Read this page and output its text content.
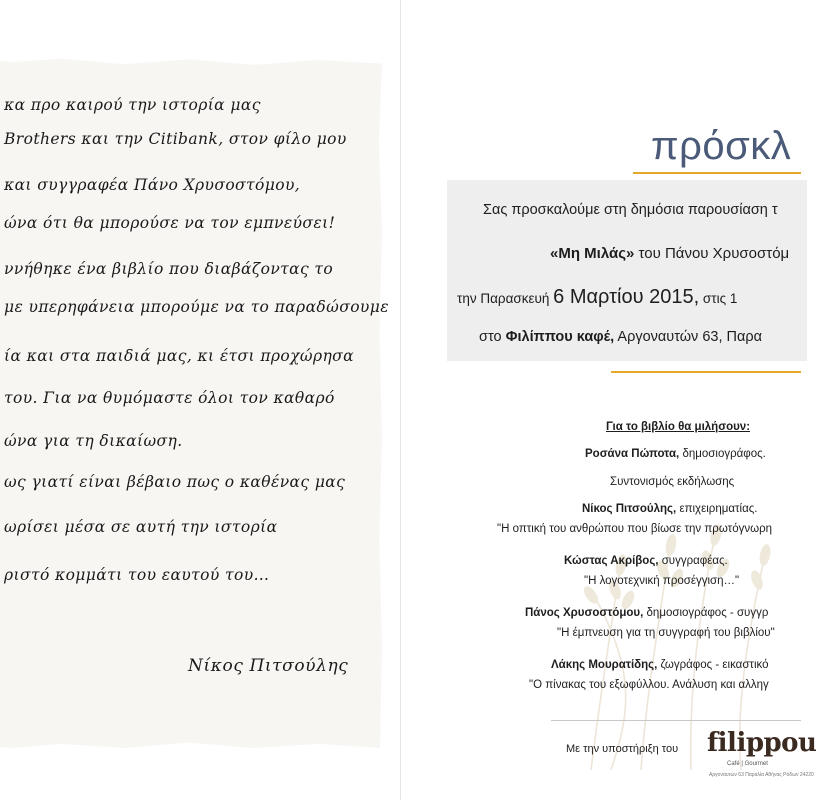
κα προ καιρού την ιστορία μας
Brothers και την Citibank, στον φίλο μου
και συγγραφέα Πάνο Χρυσοστόμου,
ώνα ότι θα μπορούσε να τον εμπνεύσει!
ννήθηκε ένα βιβλίο που διαβάζοντας το
με υπερηφάνεια μπορούμε να το παραδώσουμε
ία και στα παιδιά μας, κι έτσι προχώρησα
του. Για να θυμόμαστε όλοι τον καθαρό
ώνα για τη δικαίωση.
ως γιατί είναι βέβαιο πως ο καθένας μας
ωρίσει μέσα σε αυτή την ιστορία
ριστό κομμάτι του εαυτού του…
Νίκος Πιτσούλης
πρόσκλ
Σας προσκαλούμε στη δημόσια παρουσίαση τ
«Μη Μιλάς» του Πάνου Χρυσοστόμ
την Παρασκευή 6 Μαρτίου 2015, στις 1
στο Φιλίππου καφέ, Αργοναυτών 63, Παρα
Για το βιβλίο θα μιλήσουν:
Ροσάνα Πώποτα, δημοσιογράφος.
Συντονισμός εκδήλωσης
Νίκος Πιτσούλης, επιχειρηματίας.
"Η οπτική του ανθρώπου που βίωσε την πρωτόγνωρη
Κώστας Ακρίβος, συγγραφέας.
"Η λογοτεχνική προσέγγιση…"
Πάνος Χρυσοστόμου, δημοσιογράφος - συγγρ
"Η έμπνευση για τη συγγραφή του βιβλίου"
Λάκης Μουρατίδης, ζωγράφος - εικαστικό
"Ο πίνακας του εξωφύλλου. Ανάλυση και αλληγ
Με την υποστήριξη του filippou
Café | Gourmet
Αργοναυτών 63 Παραλία Αθήνας Ρόδων 24220
